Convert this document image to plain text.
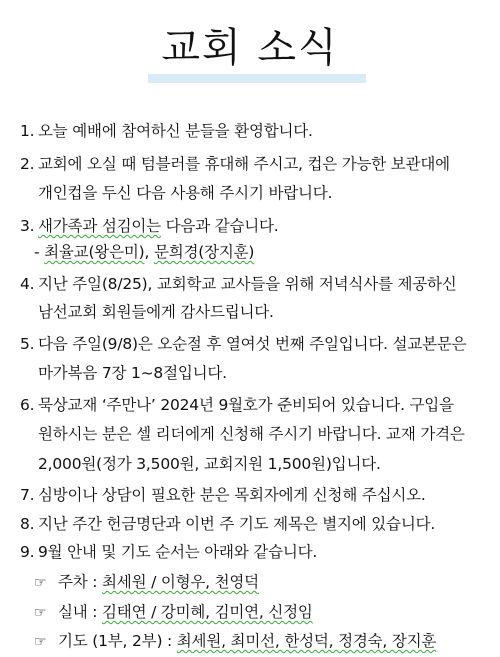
교회 소식
1. 오늘 예배에 참여하신 분들을 환영합니다.
2. 교회에 오실 때 텀블러를 휴대해 주시고, 컵은 가능한 보관대에
개인컵을 두신 다음 사용해 주시기 바랍니다.
3. 새가족과 섬김이는 다음과 같습니다.
- 최율교(왕은미), 문희경(장지훈)
4. 지난 주일(8/25), 교회학교 교사들을 위해 저녁식사를 제공하신
남선교회 회원들에게 감사드립니다.
5. 다음 주일(9/8)은 오순절 후 열여섯 번째 주일입니다. 설교본문은
마가복음 7장 1~8절입니다.
6. 묵상교재 ‘주만나’ 2024년 9월호가 준비되어 있습니다. 구입을
원하시는 분은 셀 리더에게 신청해 주시기 바랍니다. 교재 가격은
2,000원(정가 3,500원, 교회지원 1,500원)입니다.
7. 심방이나 상담이 필요한 분은 목회자에게 신청해 주십시오.
8. 지난 주간 헌금명단과 이번 주 기도 제목은 별지에 있습니다.
9. 9월 안내 및 기도 순서는 아래와 같습니다.
☞ 주차 : 최세원 / 이형우, 천영덕
☞ 실내 : 김태연 / 강미혜, 김미연, 신정임
☞ 기도 (1부, 2부) : 최세원, 최미선, 한성덕, 정경숙, 장지훈
